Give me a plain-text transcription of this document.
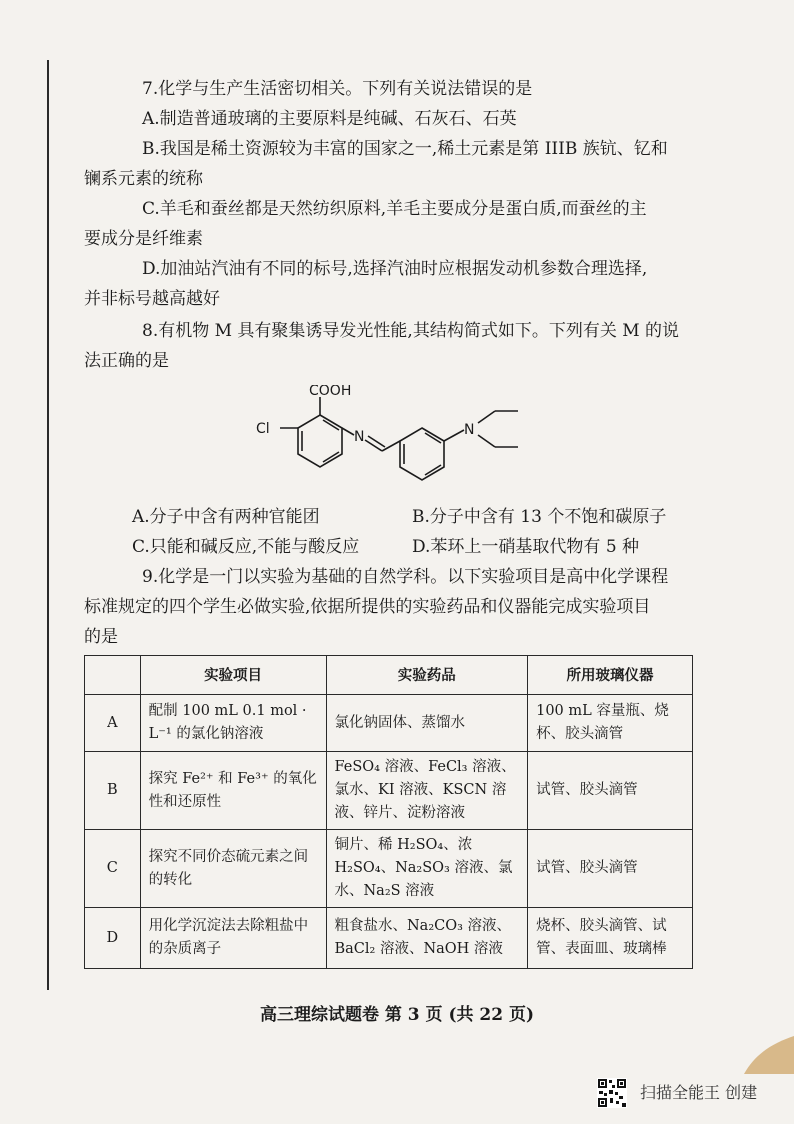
7.化学与生产生活密切相关。下列有关说法错误的是
A.制造普通玻璃的主要原料是纯碱、石灰石、石英
B.我国是稀土资源较为丰富的国家之一,稀土元素是第 IIIB 族钪、钇和
镧系元素的统称
C.羊毛和蚕丝都是天然纺织原料,羊毛主要成分是蛋白质,而蚕丝的主
要成分是纤维素
D.加油站汽油有不同的标号,选择汽油时应根据发动机参数合理选择,
并非标号越高越好
8.有机物 M 具有聚集诱导发光性能,其结构简式如下。下列有关 M 的说
法正确的是
COOH
Cl	N	N
A.分子中含有两种官能团	B.分子中含有 13 个不饱和碳原子
C.只能和碱反应,不能与酸反应	D.苯环上一硝基取代物有 5 种
9.化学是一门以实验为基础的自然学科。以下实验项目是高中化学课程
标准规定的四个学生必做实验,依据所提供的实验药品和仪器能完成实验项目
的是
	实验项目	实验药品	所用玻璃仪器
A	配制 100 mL 0.1 mol · L⁻¹ 的氯化钠溶液	氯化钠固体、蒸馏水	100 mL 容量瓶、烧杯、胶头滴管
B	探究 Fe²⁺ 和 Fe³⁺ 的氧化性和还原性	FeSO₄ 溶液、FeCl₃ 溶液、氯水、KI 溶液、KSCN 溶液、锌片、淀粉溶液	试管、胶头滴管
C	探究不同价态硫元素之间的转化	铜片、稀 H₂SO₄、浓 H₂SO₄、Na₂SO₃ 溶液、氯水、Na₂S 溶液	试管、胶头滴管
D	用化学沉淀法去除粗盐中的杂质离子	粗食盐水、Na₂CO₃ 溶液、BaCl₂ 溶液、NaOH 溶液	烧杯、胶头滴管、试管、表面皿、玻璃棒
高三理综试题卷 第 3 页 (共 22 页)
扫描全能王 创建
